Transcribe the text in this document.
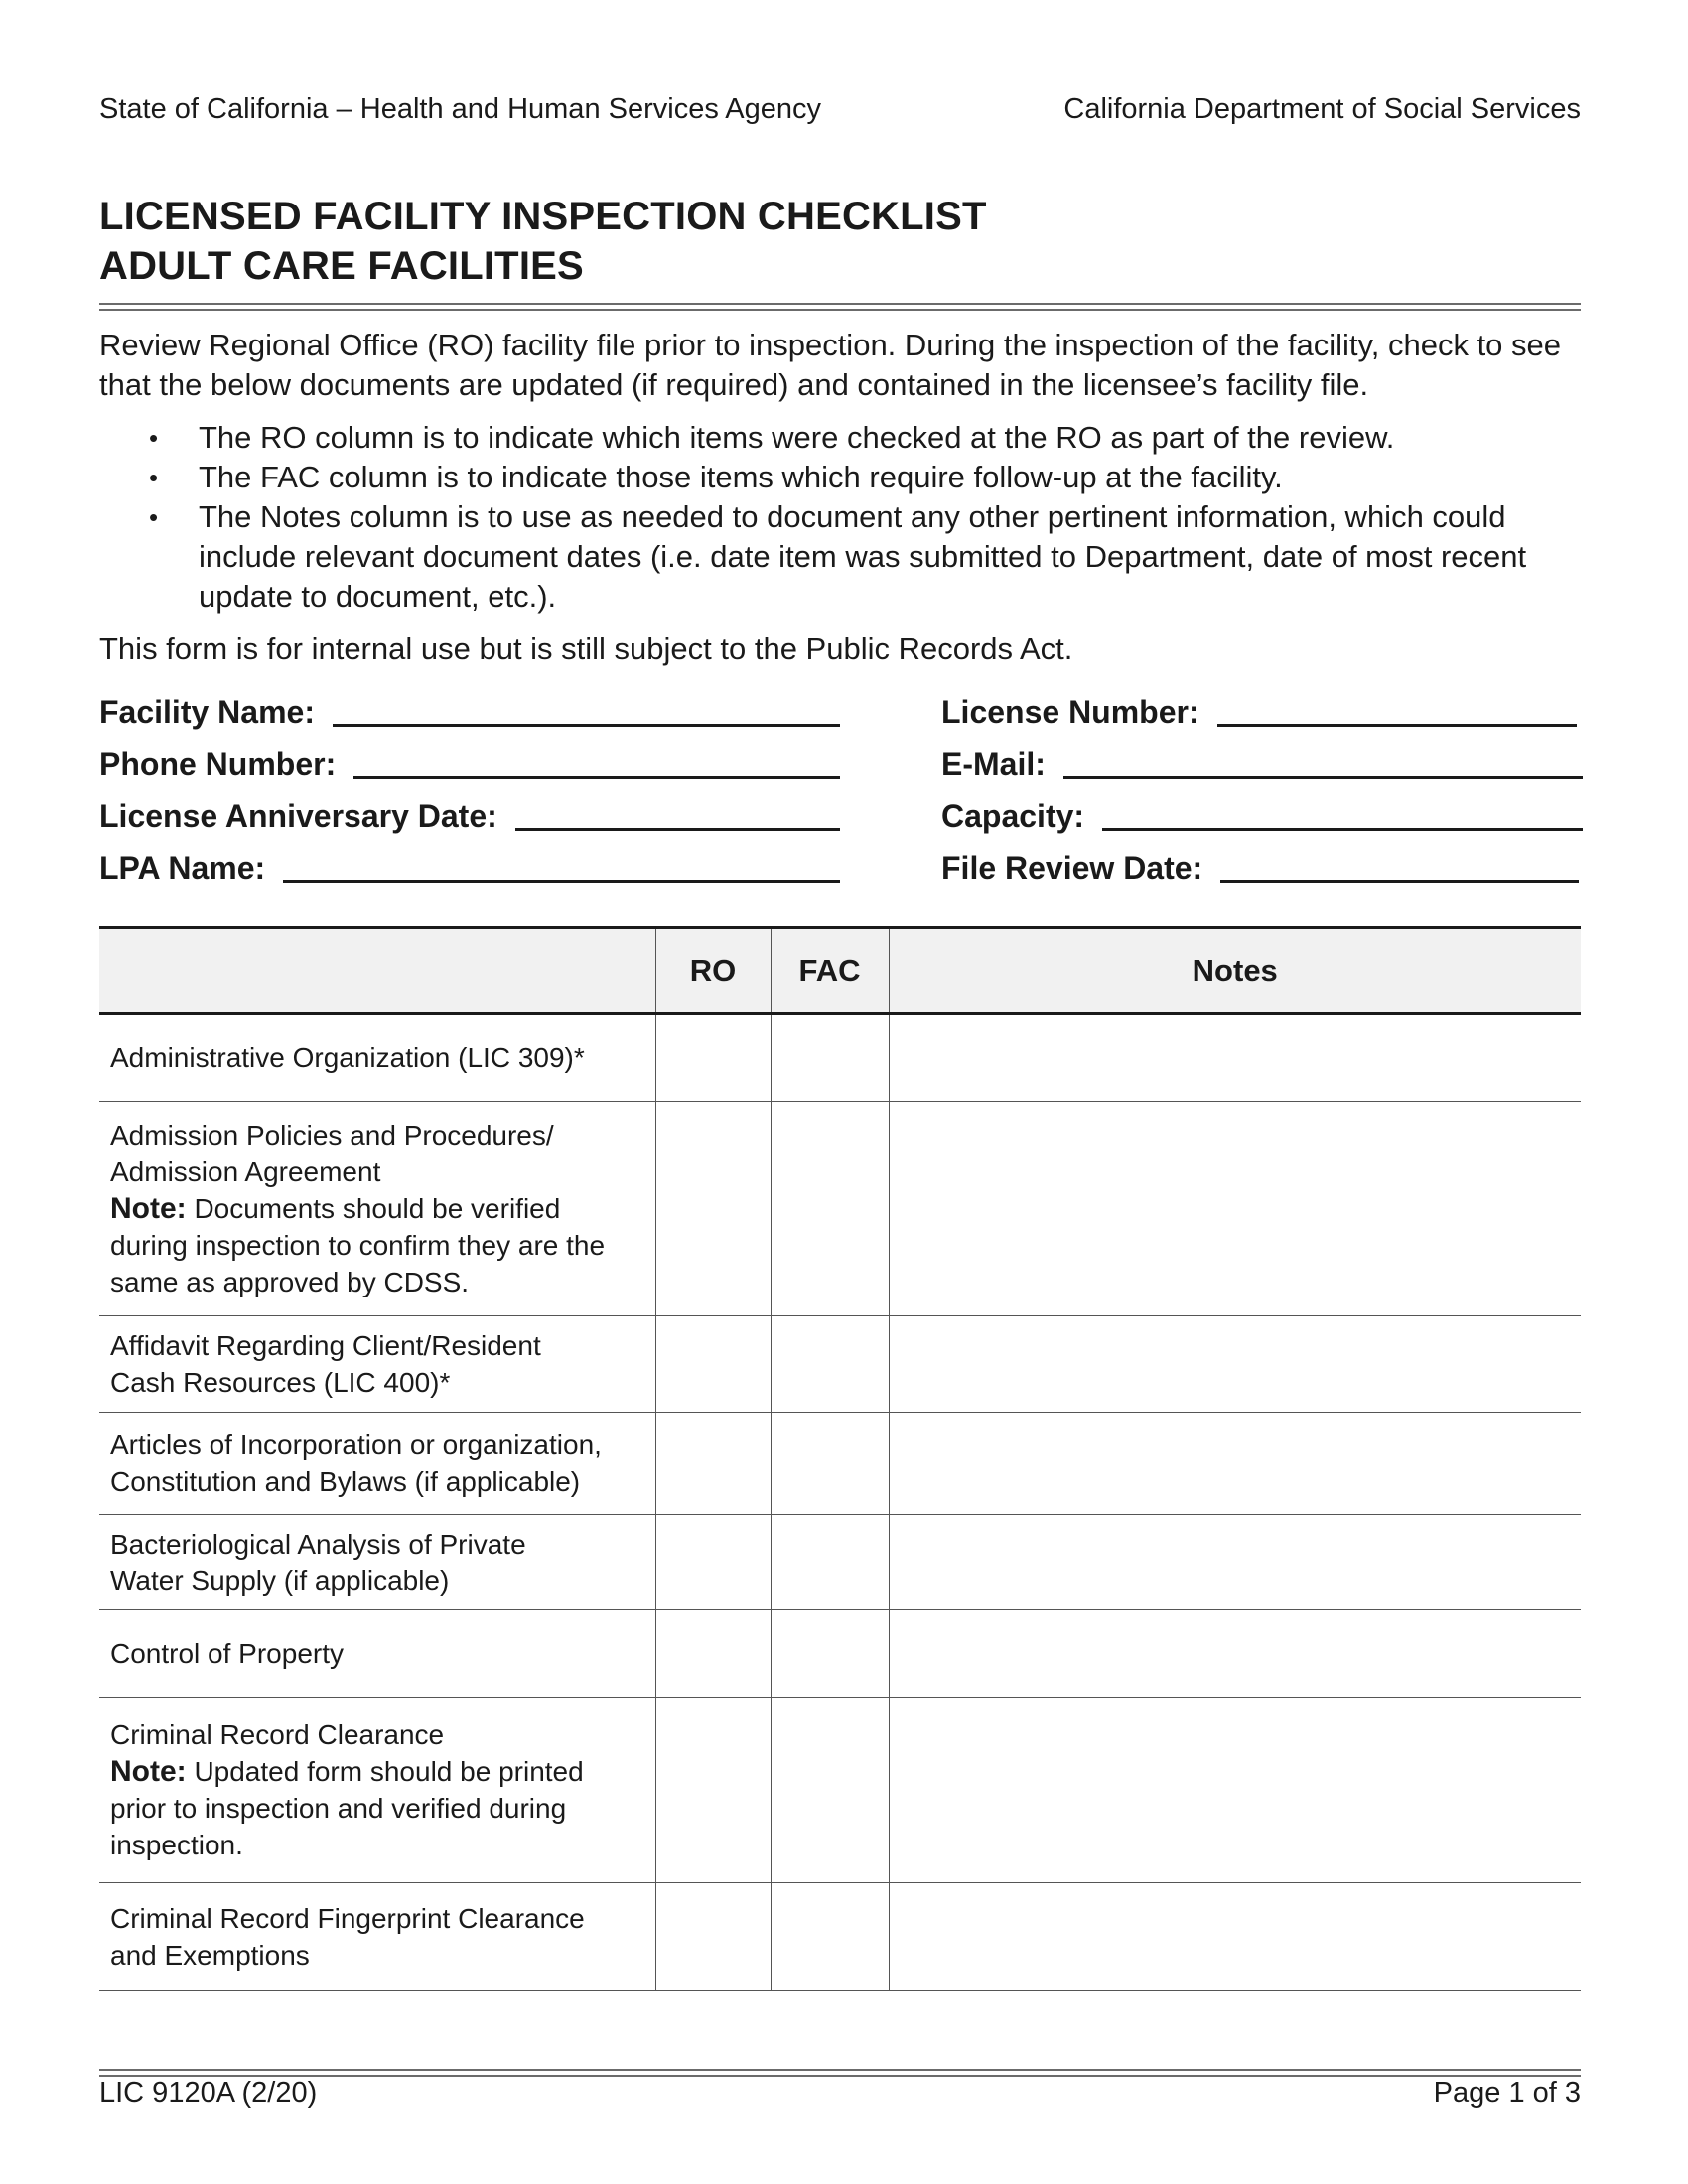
State of California – Health and Human Services Agency	California Department of Social Services
LICENSED FACILITY INSPECTION CHECKLIST
ADULT CARE FACILITIES

Review Regional Office (RO) facility file prior to inspection. During the inspection of the facility, check to see that the below documents are updated (if required) and contained in the licensee’s facility file.

• The RO column is to indicate which items were checked at the RO as part of the review.
• The FAC column is to indicate those items which require follow-up at the facility.
• The Notes column is to use as needed to document any other pertinent information, which could include relevant document dates (i.e. date item was submitted to Department, date of most recent update to document, etc.).

This form is for internal use but is still subject to the Public Records Act.

Facility Name:	License Number:
Phone Number:	E-Mail:
License Anniversary Date:	Capacity:
LPA Name:	File Review Date:
	RO	FAC	Notes
Administrative Organization (LIC 309)*			

Admission Policies and Procedures/
Admission Agreement
Note: Documents should be verified during inspection to confirm they are the same as approved by CDSS.			

Affidavit Regarding Client/Resident
Cash Resources (LIC 400)*			

Articles of Incorporation or organization,
Constitution and Bylaws (if applicable)			

Bacteriological Analysis of Private
Water Supply (if applicable)			

Control of Property			

Criminal Record Clearance
Note: Updated form should be printed prior to inspection and verified during inspection.			

Criminal Record Fingerprint Clearance
and Exemptions			

LIC 9120A (2/20)	Page 1 of 3
